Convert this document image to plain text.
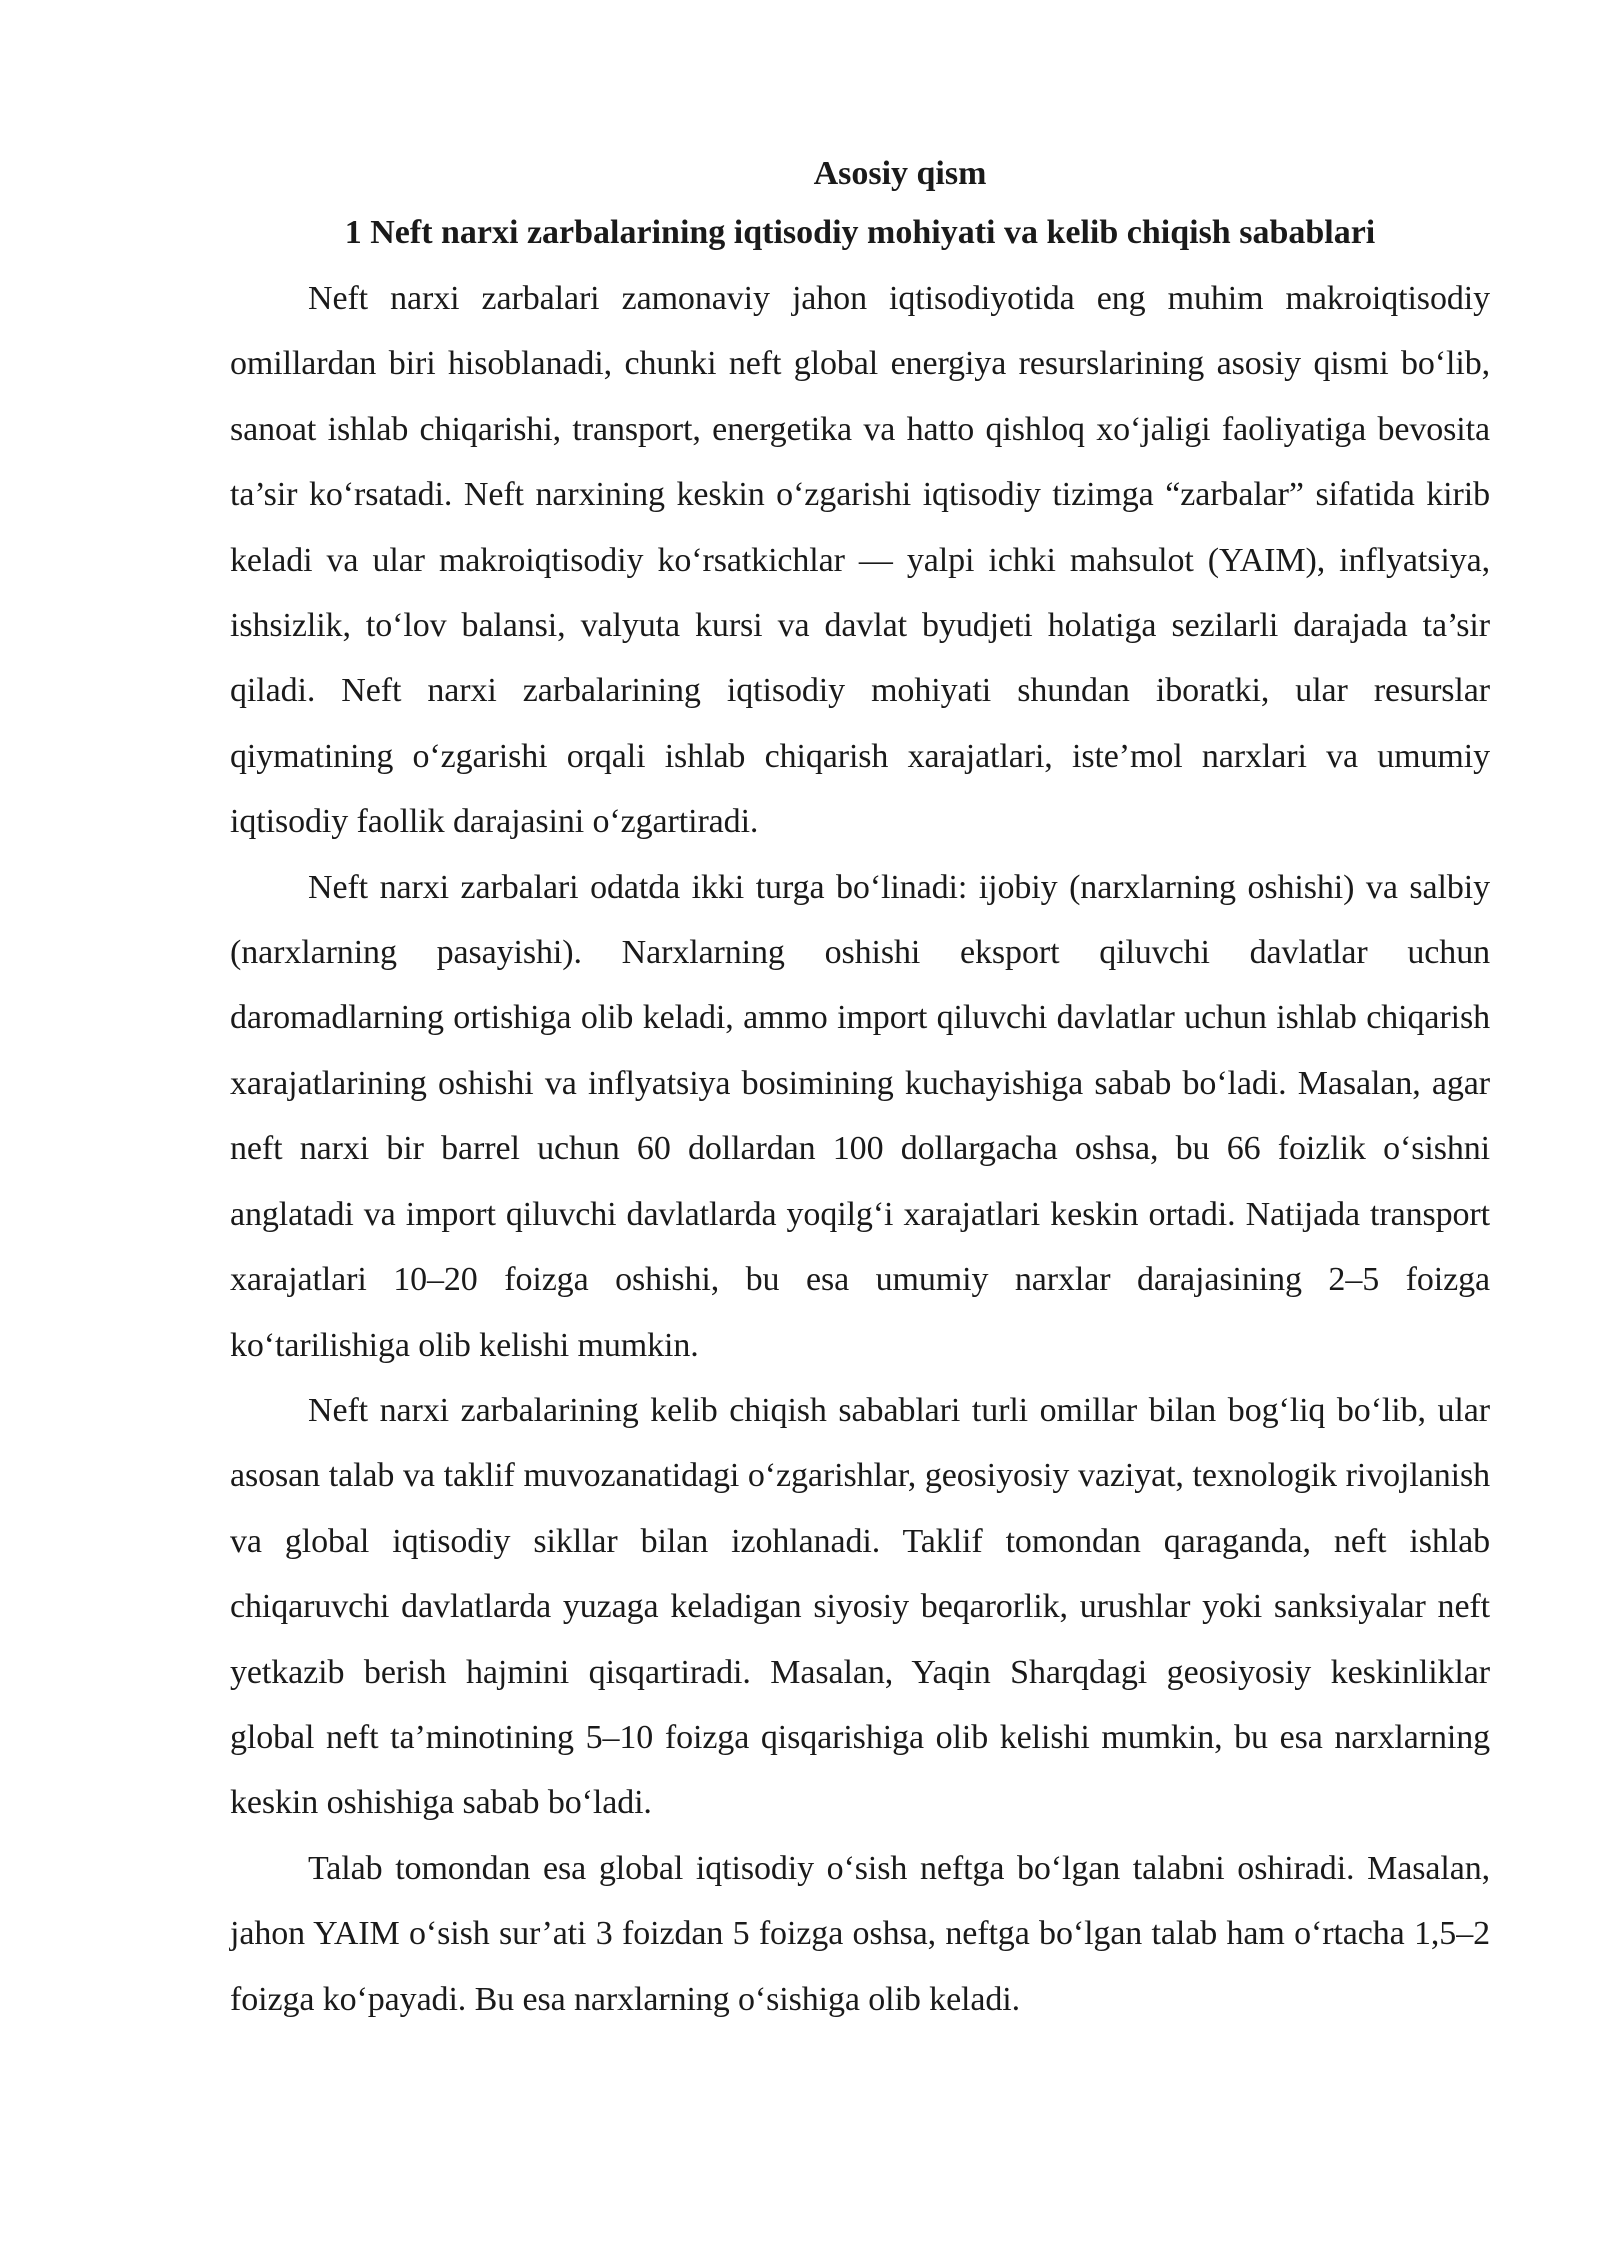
Asosiy qism

1 Neft narxi zarbalarining iqtisodiy mohiyati va kelib chiqish sabablari

Neft narxi zarbalari zamonaviy jahon iqtisodiyotida eng muhim makroiqtisodiy omillardan biri hisoblanadi, chunki neft global energiya resurslarining asosiy qismi bo‘lib, sanoat ishlab chiqarishi, transport, energetika va hatto qishloq xo‘jaligi faoliyatiga bevosita ta’sir ko‘rsatadi. Neft narxining keskin o‘zgarishi iqtisodiy tizimga “zarbalar” sifatida kirib keladi va ular makroiqtisodiy ko‘rsatkichlar — yalpi ichki mahsulot (YAIM), inflyatsiya, ishsizlik, to‘lov balansi, valyuta kursi va davlat byudjeti holatiga sezilarli darajada ta’sir qiladi. Neft narxi zarbalarining iqtisodiy mohiyati shundan iboratki, ular resurslar qiymatining o‘zgarishi orqali ishlab chiqarish xarajatlari, iste’mol narxlari va umumiy iqtisodiy faollik darajasini o‘zgartiradi.

Neft narxi zarbalari odatda ikki turga bo‘linadi: ijobiy (narxlarning oshishi) va salbiy (narxlarning pasayishi). Narxlarning oshishi eksport qiluvchi davlatlar uchun daromadlarning ortishiga olib keladi, ammo import qiluvchi davlatlar uchun ishlab chiqarish xarajatlarining oshishi va inflyatsiya bosimining kuchayishiga sabab bo‘ladi. Masalan, agar neft narxi bir barrel uchun 60 dollardan 100 dollargacha oshsa, bu 66 foizlik o‘sishni anglatadi va import qiluvchi davlatlarda yoqilg‘i xarajatlari keskin ortadi. Natijada transport xarajatlari 10–20 foizga oshishi, bu esa umumiy narxlar darajasining 2–5 foizga ko‘tarilishiga olib kelishi mumkin.

Neft narxi zarbalarining kelib chiqish sabablari turli omillar bilan bog‘liq bo‘lib, ular asosan talab va taklif muvozanatidagi o‘zgarishlar, geosiyosiy vaziyat, texnologik rivojlanish va global iqtisodiy sikllar bilan izohlanadi. Taklif tomondan qaraganda, neft ishlab chiqaruvchi davlatlarda yuzaga keladigan siyosiy beqarorlik, urushlar yoki sanksiyalar neft yetkazib berish hajmini qisqartiradi. Masalan, Yaqin Sharqdagi geosiyosiy keskinliklar global neft ta’minotining 5–10 foizga qisqarishiga olib kelishi mumkin, bu esa narxlarning keskin oshishiga sabab bo‘ladi.

Talab tomondan esa global iqtisodiy o‘sish neftga bo‘lgan talabni oshiradi. Masalan, jahon YAIM o‘sish sur’ati 3 foizdan 5 foizga oshsa, neftga bo‘lgan talab ham o‘rtacha 1,5–2 foizga ko‘payadi. Bu esa narxlarning o‘sishiga olib keladi.
